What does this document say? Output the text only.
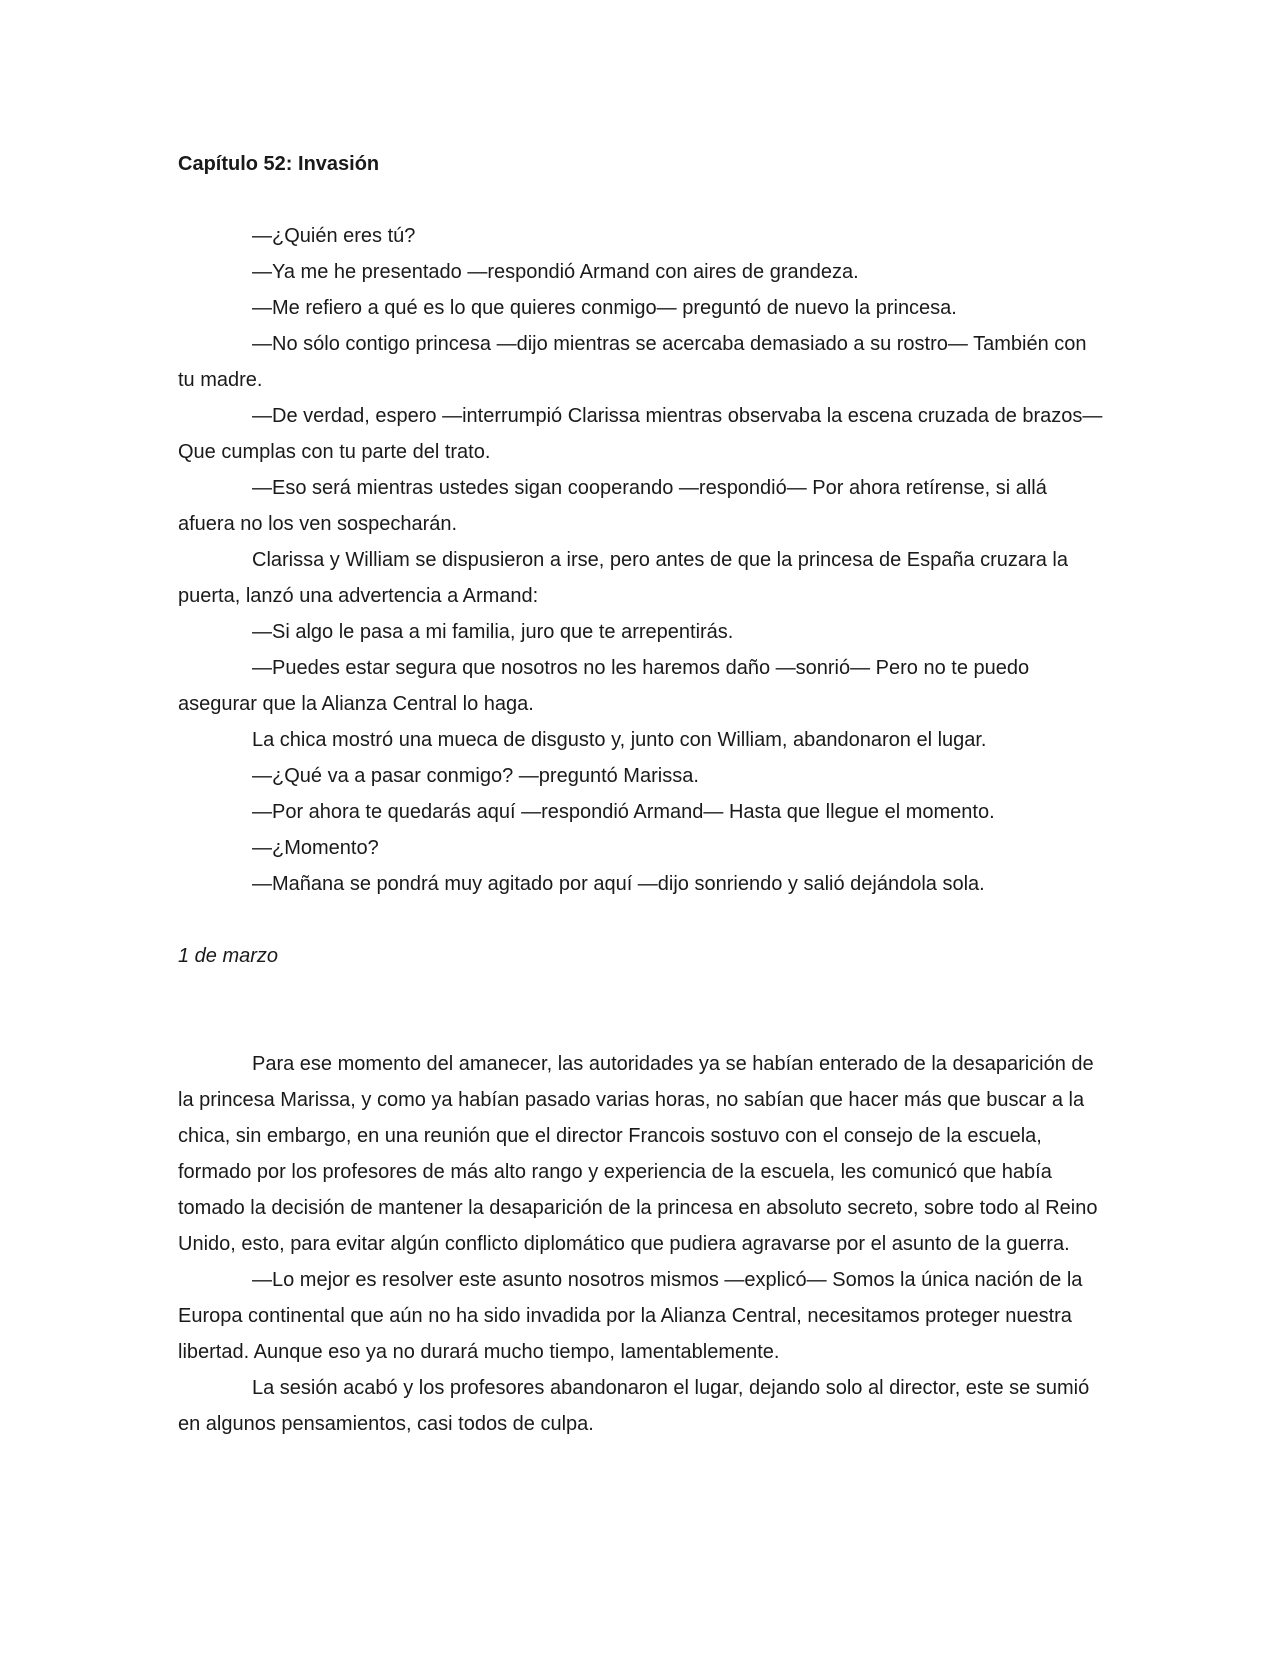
Capítulo 52: Invasión

—¿Quién eres tú?

—Ya me he presentado —respondió Armand con aires de grandeza.

—Me refiero a qué es lo que quieres conmigo— preguntó de nuevo la princesa.

—No sólo contigo princesa —dijo mientras se acercaba demasiado a su rostro— También con tu madre.

—De verdad, espero —interrumpió Clarissa mientras observaba la escena cruzada de brazos— Que cumplas con tu parte del trato.

—Eso será mientras ustedes sigan cooperando —respondió— Por ahora retírense, si allá afuera no los ven sospecharán.

Clarissa y William se dispusieron a irse, pero antes de que la princesa de España cruzara la puerta, lanzó una advertencia a Armand:

—Si algo le pasa a mi familia, juro que te arrepentirás.

—Puedes estar segura que nosotros no les haremos daño —sonrió— Pero no te puedo asegurar que la Alianza Central lo haga.

La chica mostró una mueca de disgusto y, junto con William, abandonaron el lugar.

—¿Qué va a pasar conmigo? —preguntó Marissa.

—Por ahora te quedarás aquí —respondió Armand— Hasta que llegue el momento.

—¿Momento?

—Mañana se pondrá muy agitado por aquí —dijo sonriendo y salió dejándola sola.

1 de marzo

Para ese momento del amanecer, las autoridades ya se habían enterado de la desaparición de la princesa Marissa, y como ya habían pasado varias horas, no sabían que hacer más que buscar a la chica, sin embargo, en una reunión que el director Francois sostuvo con el consejo de la escuela, formado por los profesores de más alto rango y experiencia de la escuela, les comunicó que había tomado la decisión de mantener la desaparición de la princesa en absoluto secreto, sobre todo al Reino Unido, esto, para evitar algún conflicto diplomático que pudiera agravarse por el asunto de la guerra.

—Lo mejor es resolver este asunto nosotros mismos —explicó— Somos la única nación de la Europa continental que aún no ha sido invadida por la Alianza Central, necesitamos proteger nuestra libertad. Aunque eso ya no durará mucho tiempo, lamentablemente.

La sesión acabó y los profesores abandonaron el lugar, dejando solo al director, este se sumió en algunos pensamientos, casi todos de culpa.
